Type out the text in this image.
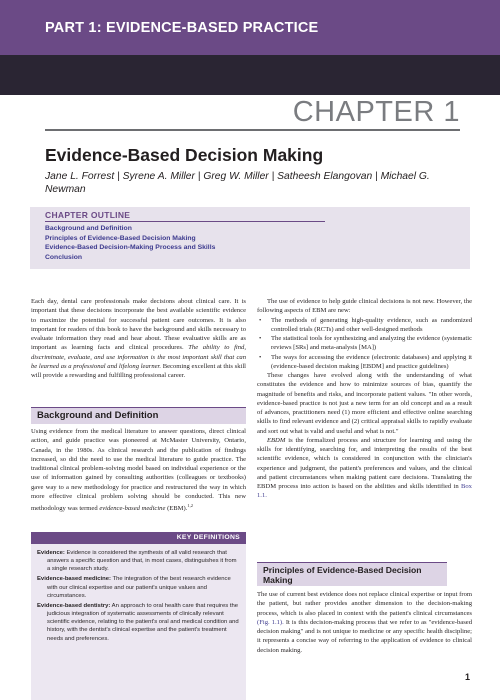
PART 1: EVIDENCE-BASED PRACTICE
CHAPTER 1
Evidence-Based Decision Making
Jane L. Forrest | Syrene A. Miller | Greg W. Miller | Satheesh Elangovan | Michael G. Newman
CHAPTER OUTLINE
Background and Definition
Principles of Evidence-Based Decision Making
Evidence-Based Decision-Making Process and Skills
Conclusion

Each day, dental care professionals make decisions about clinical care. It is important that these decisions incorporate the best available scientific evidence to maximize the potential for successful patient care outcomes. It is also important for readers of this book to have the background and skills necessary to evaluate information they read and hear about. These evaluative skills are as important as learning facts and clinical procedures. The ability to find, discriminate, evaluate, and use information is the most important skill that can be learned as a professional and lifelong learner. Becoming excellent at this skill will provide a rewarding and fulfilling professional career.

Background and Definition

Using evidence from the medical literature to answer questions, direct clinical action, and guide practice was pioneered at McMaster University, Ontario, Canada, in the 1980s. As clinical research and the publication of findings increased, so did the need to use the medical literature to guide practice. The traditional clinical problem-solving model based on individual experience or the use of information gained by consulting authorities (colleagues or textbooks) gave way to a new methodology for practice and restructured the way in which more effective clinical problem solving should be conducted. This new methodology was termed evidence-based medicine (EBM).$^{1,2}$

KEY DEFINITIONS

Evidence: Evidence is considered the synthesis of all valid research that answers a specific question and that, in most cases, distinguishes it from a single research study.

Evidence-based medicine: The integration of the best research evidence with our clinical expertise and our patient's unique values and circumstances.

Evidence-based dentistry: An approach to oral health care that requires the judicious integration of systematic assessments of clinically relevant scientific evidence, relating to the patient's oral and medical condition and history, with the dentist's clinical expertise and the patient's treatment needs and preferences.

The use of evidence to help guide clinical decisions is not new. However, the following aspects of EBM are new:

• The methods of generating high-quality evidence, such as randomized controlled trials (RCTs) and other well-designed methods
• The statistical tools for synthesizing and analyzing the evidence (systematic reviews [SRs] and meta-analysis [MA])
• The ways for accessing the evidence (electronic databases) and applying it (evidence-based decision making [EBDM] and practice guidelines)

These changes have evolved along with the understanding of what constitutes the evidence and how to minimize sources of bias, quantify the magnitude of benefits and risks, and incorporate patient values. "In other words, evidence-based practice is not just a new term for an old concept and as a result of advances, practitioners need (1) more efficient and effective online searching skills to find relevant evidence and (2) critical appraisal skills to rapidly evaluate and sort out what is valid and useful and what is not."

EBDM is the formalized process and structure for learning and using the skills for identifying, searching for, and interpreting the results of the best scientific evidence, which is considered in conjunction with the clinician's experience and judgment, the patient's preferences and values, and the clinical and patient circumstances when making patient care decisions. Translating the EBDM process into action is based on the abilities and skills identified in Box 1.1.

Principles of Evidence-Based Decision Making

The use of current best evidence does not replace clinical expertise or input from the patient, but rather provides another dimension to the decision-making process, which is also placed in context with the patient's clinical circumstances (Fig. 1.1). It is this decision-making process that we refer to as "evidence-based decision making" and is not unique to medicine or any specific health discipline; it represents a concise way of referring to the application of evidence to clinical decision making.

1
